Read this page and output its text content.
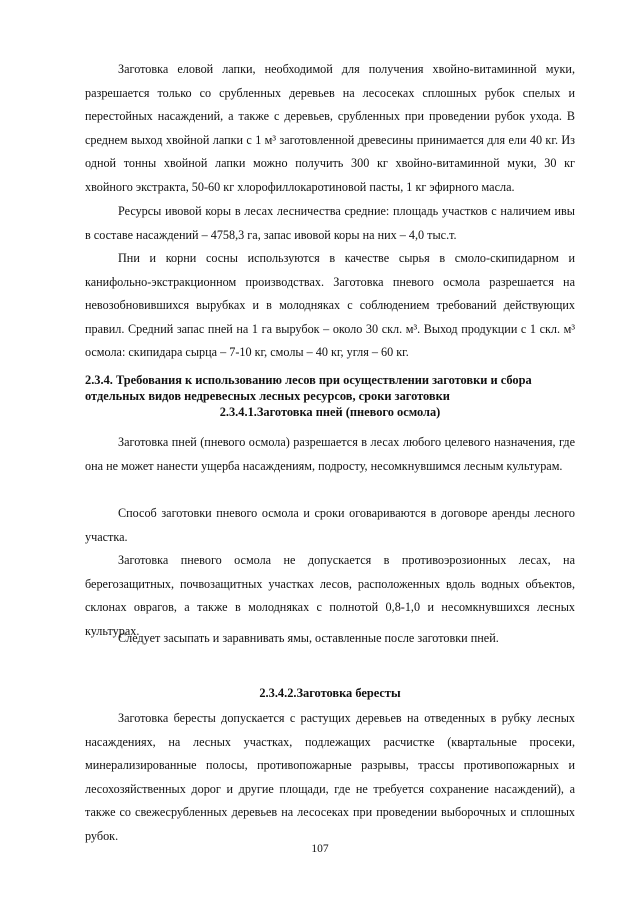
Заготовка еловой лапки, необходимой для получения хвойно-витаминной муки, разрешается только со срубленных деревьев на лесосеках сплошных рубок спелых и перестойных насаждений, а также с деревьев, срубленных при проведении рубок ухода. В среднем выход хвойной лапки с 1 м³ заготовленной древесины принимается для ели 40 кг. Из одной тонны хвойной лапки можно получить 300 кг хвойно-витаминной муки, 30 кг хвойного экстракта, 50-60 кг хлорофиллокаротиновой пасты, 1 кг эфирного масла.

Ресурсы ивовой коры в лесах лесничества средние: площадь участков с наличием ивы в составе насаждений – 4758,3 га, запас ивовой коры на них – 4,0 тыс.т.

Пни и корни сосны используются в качестве сырья в смоло-скипидарном и канифольно-экстракционном производствах. Заготовка пневого осмола разрешается на невозобновившихся вырубках и в молодняках с соблюдением требований действующих правил. Средний запас пней на 1 га вырубок – около 30 скл. м³. Выход продукции с 1 скл. м³ осмола: скипидара сырца – 7-10 кг, смолы – 40 кг, угля – 60 кг.

2.3.4. Требования к использованию лесов при осуществлении заготовки и сбора отдельных видов недревесных лесных ресурсов, сроки заготовки
2.3.4.1.Заготовка пней (пневого осмола)

Заготовка пней (пневого осмола) разрешается в лесах любого целевого назначения, где она не может нанести ущерба насаждениям, подросту, несомкнувшимся лесным культурам.

Способ заготовки пневого осмола и сроки оговариваются в договоре аренды лесного участка.

Заготовка пневого осмола не допускается в противоэрозионных лесах, на берегозащитных, почвозащитных участках лесов, расположенных вдоль водных объектов, склонах оврагов, а также в молодняках с полнотой 0,8-1,0 и несомкнувшихся лесных культурах.

Следует засыпать и заравнивать ямы, оставленные после заготовки пней.

2.3.4.2.Заготовка бересты

Заготовка бересты допускается с растущих деревьев на отведенных в рубку лесных насаждениях, на лесных участках, подлежащих расчистке (квартальные просеки, минерализированные полосы, противопожарные разрывы, трассы противопожарных и лесохозяйственных дорог и другие площади, где не требуется сохранение насаждений), а также со свежесрубленных деревьев на лесосеках при проведении выборочных и сплошных рубок.

107
